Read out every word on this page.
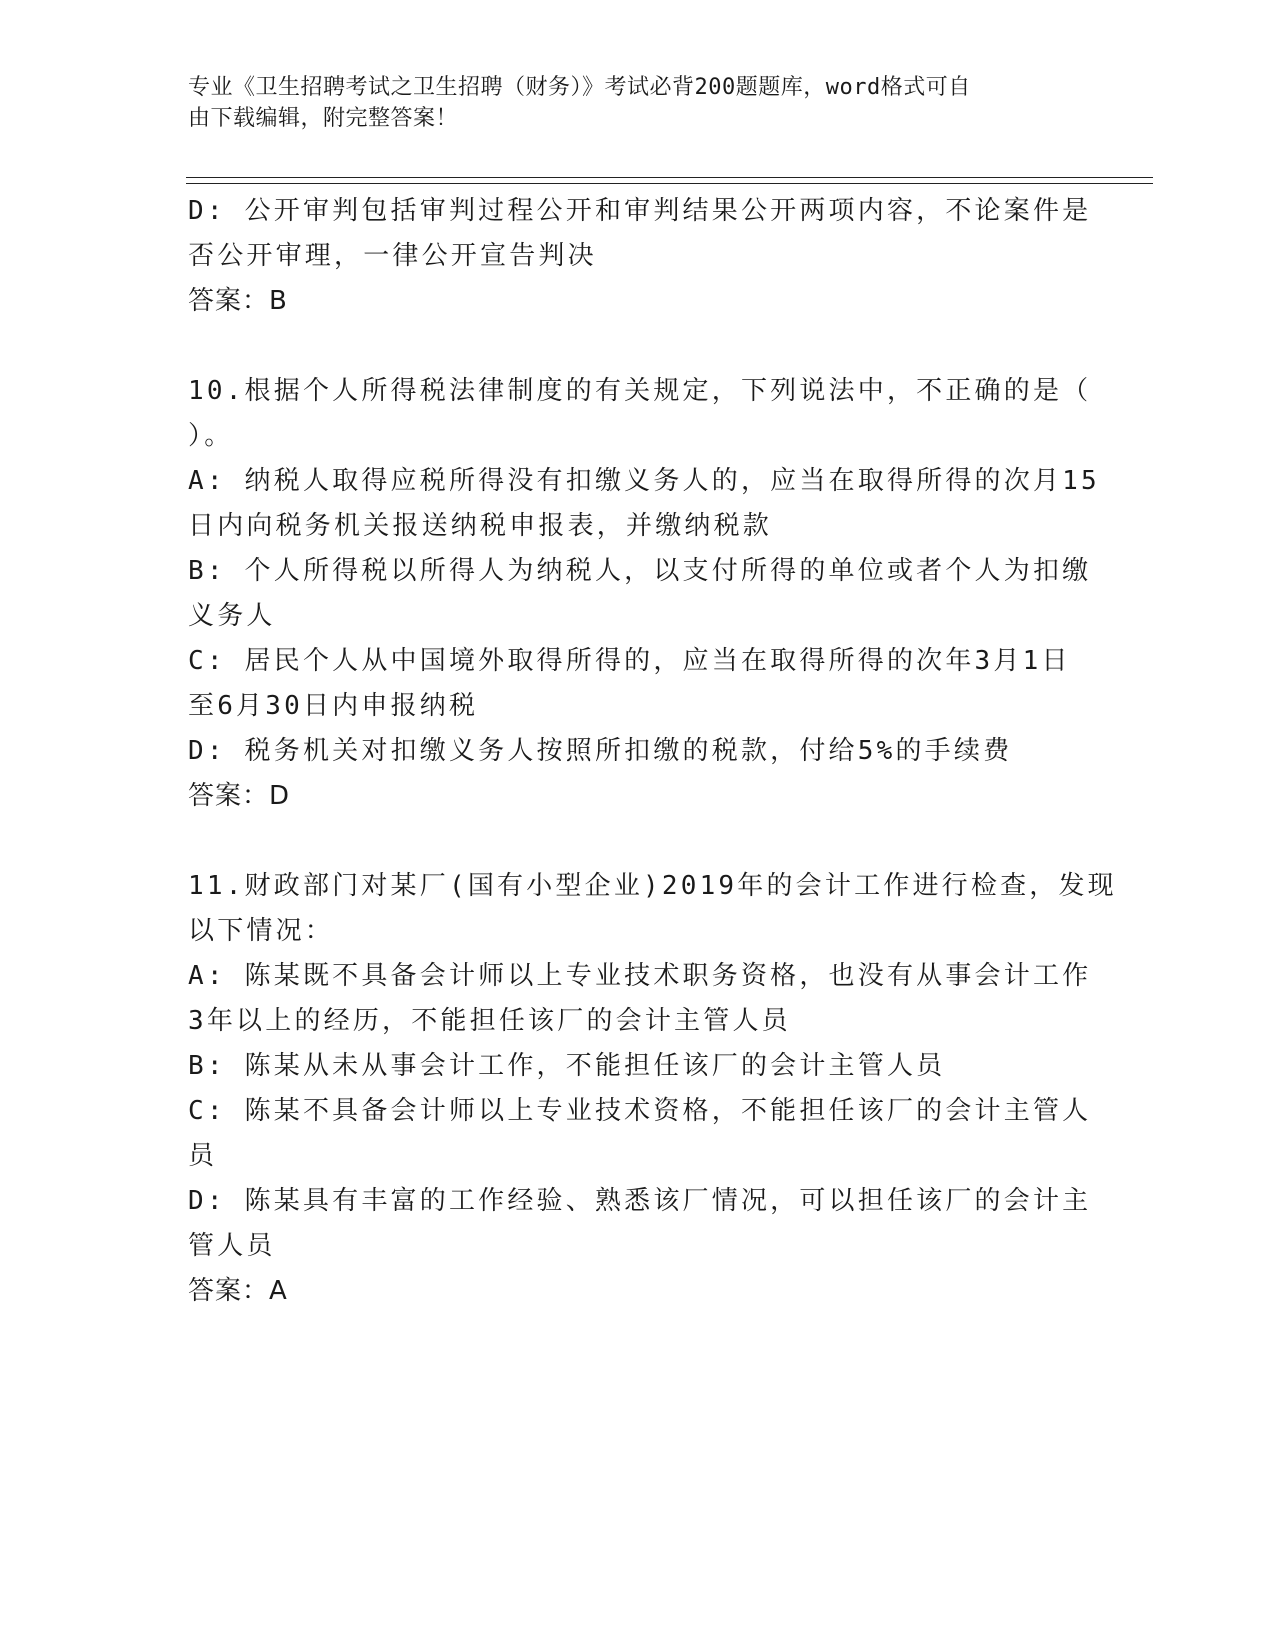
专业《卫生招聘考试之卫生招聘（财务）》考试必背200题题库，word格式可自
由下载编辑，附完整答案！
D: 公开审判包括审判过程公开和审判结果公开两项内容，不论案件是
否公开审理，一律公开宣告判决
答案：B
10.根据个人所得税法律制度的有关规定，下列说法中，不正确的是（
）。
A: 纳税人取得应税所得没有扣缴义务人的，应当在取得所得的次月15
日内向税务机关报送纳税申报表，并缴纳税款
B: 个人所得税以所得人为纳税人，以支付所得的单位或者个人为扣缴
义务人
C: 居民个人从中国境外取得所得的，应当在取得所得的次年3月1日
至6月30日内申报纳税
D: 税务机关对扣缴义务人按照所扣缴的税款，付给5%的手续费
答案：D
11.财政部门对某厂(国有小型企业)2019年的会计工作进行检查，发现
以下情况：
A: 陈某既不具备会计师以上专业技术职务资格，也没有从事会计工作
3年以上的经历，不能担任该厂的会计主管人员
B: 陈某从未从事会计工作，不能担任该厂的会计主管人员
C: 陈某不具备会计师以上专业技术资格，不能担任该厂的会计主管人
员
D: 陈某具有丰富的工作经验、熟悉该厂情况，可以担任该厂的会计主
管人员
答案：A
